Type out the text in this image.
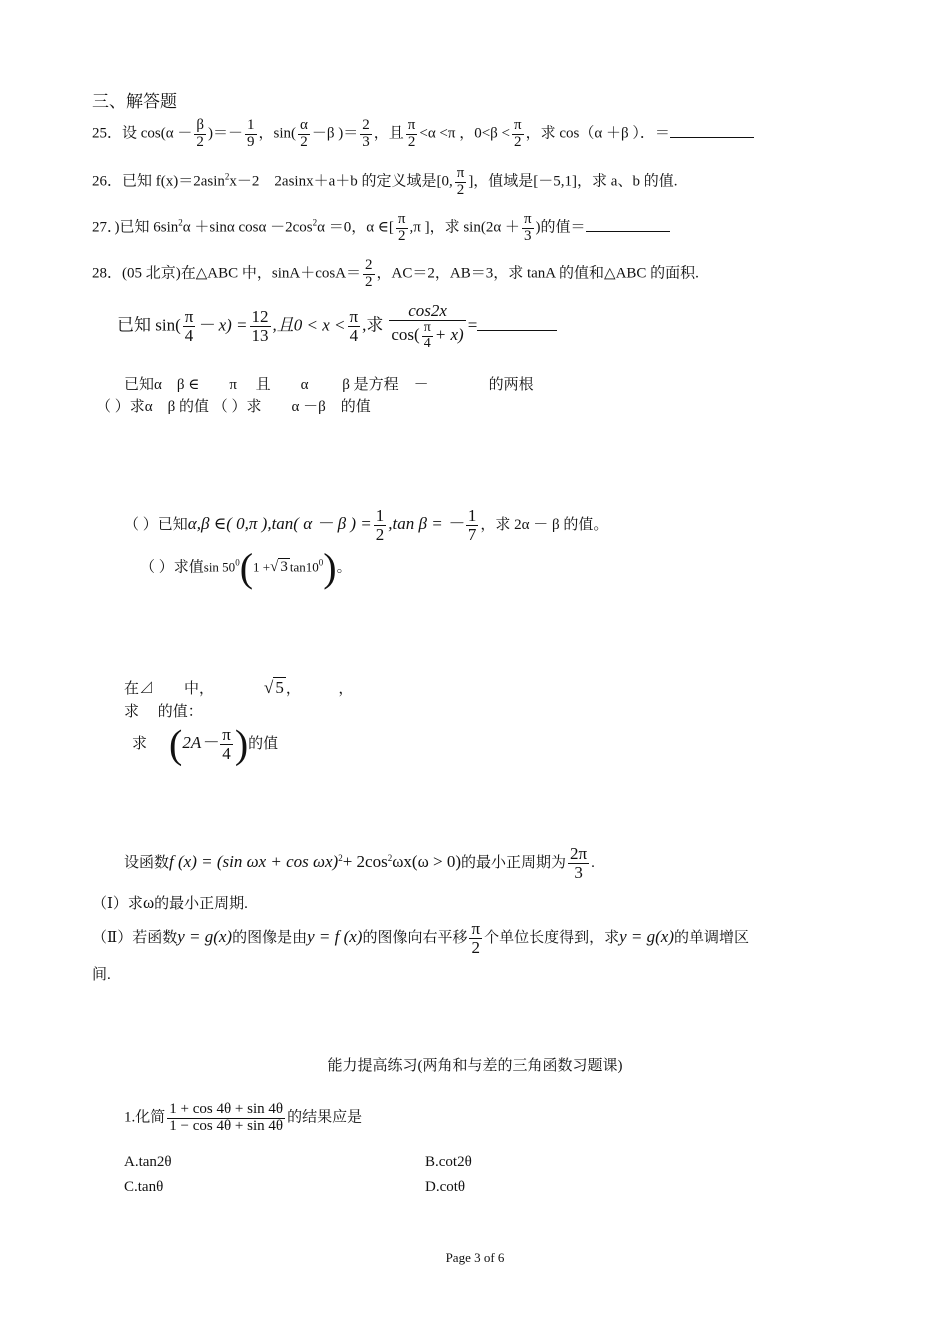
三、解答题
25．设 $\cos(\alpha - \frac{\beta}{2}$ )＝－ $\frac{1}{9}$ ，$\sin( \frac{\alpha}{2} -\beta$ )＝ $\frac{2}{3}$ ，且 $\frac{\pi}{2} <\alpha <\pi$ ，$0<\beta < \frac{\pi}{2}$ ，求 cos（α ＋β ）．＝
26．已知 f(x)＝2asin$^2$x－2　2asinx＋a＋b 的定义域是[0, $\frac{\pi}{2}$ ]，值域是[－5,1]，求 a、b 的值.
27．)已知 $6\sin^2\alpha +\sin\alpha$ $\cos\alpha -2\cos^2\alpha =0$，α ∈[ $\frac{\pi}{2} ,\pi$ ]，求 $\sin(2\alpha + \frac{\pi}{3}$ )的值＝
28．(05 北京)在△ABC 中，$\sin A+\cos A= \frac{2}{2}$ ，AC＝2，AB＝3，求 tanA 的值和△ABC 的面积.
已知 $\sin( \frac{\pi}{4} - x) = \frac{12}{13}$ ,且$0 < x < \frac{\pi}{4}$ ,求 $\frac{\cos 2x}{\cos( \frac{\pi}{4} + x)}$ =
已知α　β ∈　　π　 且　　α　　 β 是方程　－　　　　的两根
（ ）求α　β 的值 （ ）求　　α －β　的值
（ ）已知α,β ∈( 0,π ),tan( α － β ) = $\frac{1}{2} ,\tan$ β = － $\frac{1}{7}$ ，求 2α － β 的值。
（ ）求值$\sin 50^0(1$ +√ 3 $\tan 10^0$)。
在⊿　　中，	√ 5 ，　　　，
求　 的值：
求 ($2A- \frac{\pi}{4}$ )的值
设函数f (x) = (sin $\omega x + \cos \omega x)^2+ 2\cos^2\omega x(\omega > 0)$的最小正周期为 $\frac{2\pi}{3}$ .
（Ⅰ）求ω的最小正周期.
（Ⅱ）若函数y = g(x)的图像是由y = f (x)的图像向右平移 $\frac{\pi}{2}$ 个单位长度得到，求y = g(x)的单调增区
间.
能力提高练习(两角和与差的三角函数习题课)
1.化简 $\frac{1 + \cos 4\theta + \sin 4\theta}{1 - \cos 4\theta + \sin 4\theta}$ 的结果应是
A.tan2θ	B.cot2θ
C.tanθ	D.cotθ
Page 3 of 6
